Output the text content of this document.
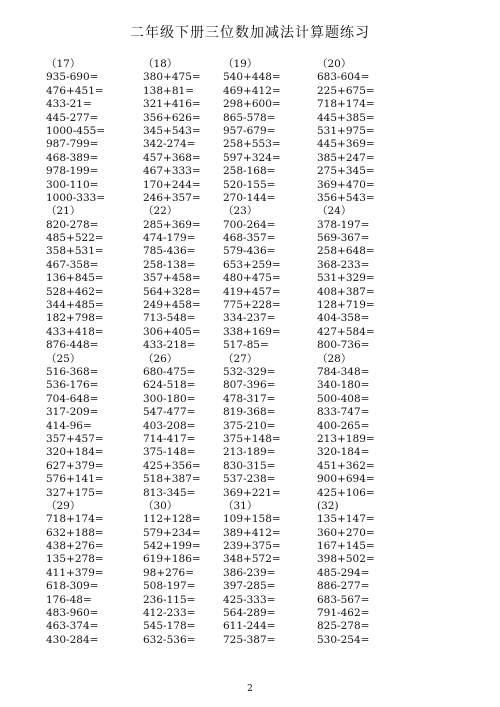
二年级下册三位数加减法计算题练习
（17）
935-690=
476+451=
433-21=
445-277=
1000-455=
987-799=
468-389=
978-199=
300-110=
1000-333=
（18）
380+475=
138+81=
321+416=
356+626=
345+543=
342-274=
457+368=
467+333=
170+244=
246+357=
（19）
540+448=
469+412=
298+600=
865-578=
957-679=
258+553=
597+324=
258-168=
520-155=
270-144=
（20）
683-604=
225+675=
718+174=
445+385=
531+975=
445+369=
385+247=
275+345=
369+470=
356+543=
（21）
820-278=
485+522=
358+531=
467-358=
136+845=
528+462=
344+485=
182+798=
433+418=
876-448=
（22）
285+369=
474-179=
785-436=
258-138=
357+458=
564+328=
249+458=
713-548=
306+405=
433-218=
（23）
700-264=
468-357=
579-436=
653+259=
480+475=
419+457=
775+228=
334-237=
338+169=
517-85=
（24）
378-197=
569-367=
258+648=
368-233=
531+329=
408+387=
128+719=
404-358=
427+584=
800-736=
（25）
516-368=
536-176=
704-648=
317-209=
414-96=
357+457=
320+184=
627+379=
576+141=
327+175=
（26）
680-475=
624-518=
300-180=
547-477=
403-208=
714-417=
375-148=
425+356=
518+387=
813-345=
（27）
532-329=
807-396=
478-317=
819-368=
375-210=
375+148=
213-189=
830-315=
537-238=
369+221=
（28）
784-348=
340-180=
500-408=
833-747=
400-265=
213+189=
320-184=
451+362=
900+694=
425+106=
（29）
718+174=
632+188=
438+276=
135+278=
411+379=
618-309=
176-48=
483-960=
463-374=
430-284=
（30）
112+128=
579+234=
542+199=
619+186=
98+276=
508-197=
236-115=
412-233=
545-178=
632-536=
（31）
109+158=
389+412=
239+375=
348+572=
386-239=
397-285=
425-333=
564-289=
611-244=
725-387=
(32)
135+147=
360+270=
167+145=
398+502=
485-294=
886-277=
683-567=
791-462=
825-278=
530-254=
2
